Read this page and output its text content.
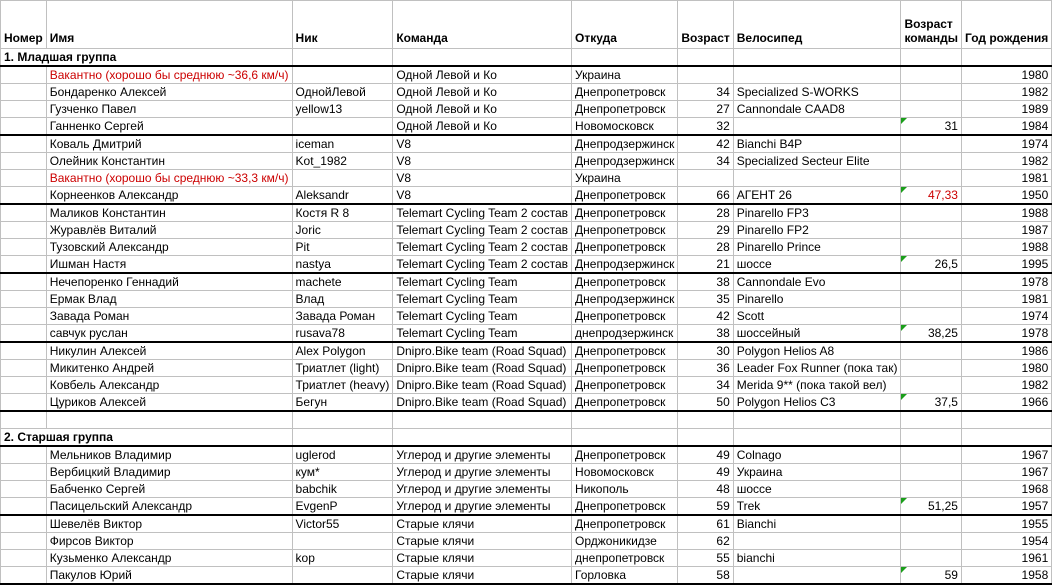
Номер	Имя	Ник	Команда	Откуда	Возраст	Велосипед	Возраст
команды	Год рождения
1. Младшая группа								
	Вакантно (хорошо бы среднюю ~36,6 км/ч)		Одной Левой и Ко	Украина				1980
	Бондаренко Алексей	ОднойЛевой	Одной Левой и Ко	Днепропетровск	34	Specialized S-WORKS		1982
	Гузченко Павел	yellow13	Одной Левой и Ко	Днепропетровск	27	Cannondale CAAD8		1989
	Ганненко Сергей		Одной Левой и Ко	Новомосковск	32		31	1984
	Коваль Дмитрий	iceman	V8	Днепродзержинск	42	Bianchi B4P		1974
	Олейник Константин	Kot_1982	V8	Днепродзержинск	34	Specialized Secteur Elite		1982
	Вакантно (хорошо бы среднюю ~33,3 км/ч)		V8	Украина				1981
	Корнеенков Александр	Aleksandr	V8	Днепропетровск	66	АГЕНТ 26	47,33	1950
	Маликов Константин	Костя R 8	Telemart Cycling Team 2 состав	Днепропетровск	28	Pinarello FP3		1988
	Журавлёв Виталий	Joric	Telemart Cycling Team 2 состав	Днепропетровск	29	Pinarello FP2		1987
	Тузовский Александр	Pit	Telemart Cycling Team 2 состав	Днепропетровск	28	Pinarello Prince		1988
	Ишман Настя	nastya	Telemart Cycling Team 2 состав	Днепродзержинск	21	шоссе	26,5	1995
	Нечепоренко Геннадий	machete	Telemart Cycling Team	Днепропетровск	38	Cannondale Evo		1978
	Ермак Влад	Влад	Telemart Cycling Team	Днепродзержинск	35	Pinarello		1981
	Завада Роман	Завада Роман	Telemart Cycling Team	Днепропетровск	42	Scott		1974
	савчук руслан	rusava78	Telemart Cycling Team	днепродзержинск	38	шоссейный	38,25	1978
	Никулин Алексей	Alex Polygon	Dnipro.Bike team (Road Squad)	Днепропетровск	30	Polygon Helios A8		1986
	Микитенко Андрей	Триатлет (light)	Dnipro.Bike team (Road Squad)	Днепропетровск	36	Leader Fox Runner (пока так)		1980
	Ковбель Александр	Триатлет (heavy)	Dnipro.Bike team (Road Squad)	Днепропетровск	34	Merida 9** (пока такой вел)		1982
	Цуриков Алексей	Бегун	Dnipro.Bike team (Road Squad)	Днепропетровск	50	Polygon Helios C3	37,5	1966

2. Старшая группа								
	Мельников Владимир	uglerod	Углерод и другие элементы	Днепропетровск	49	Colnago		1967
	Вербицкий Владимир	кум*	Углерод и другие элементы	Новомосковск	49	Украина		1967
	Бабченко Сергей	babchik	Углерод и другие элементы	Никополь	48	шоссе		1968
	Пасицельский Александр	EvgenP	Углерод и другие элементы	Днепропетровск	59	Trek	51,25	1957
	Шевелёв Виктор	Victor55	Старые клячи	Днепропетровск	61	Bianchi		1955
	Фирсов Виктор		Старые клячи	Орджоникидзе	62			1954
	Кузьменко Александр	kop	Старые клячи	днепропетровск	55	bianchi		1961
	Пакулов Юрий		Старые клячи	Горловка	58		59	1958
